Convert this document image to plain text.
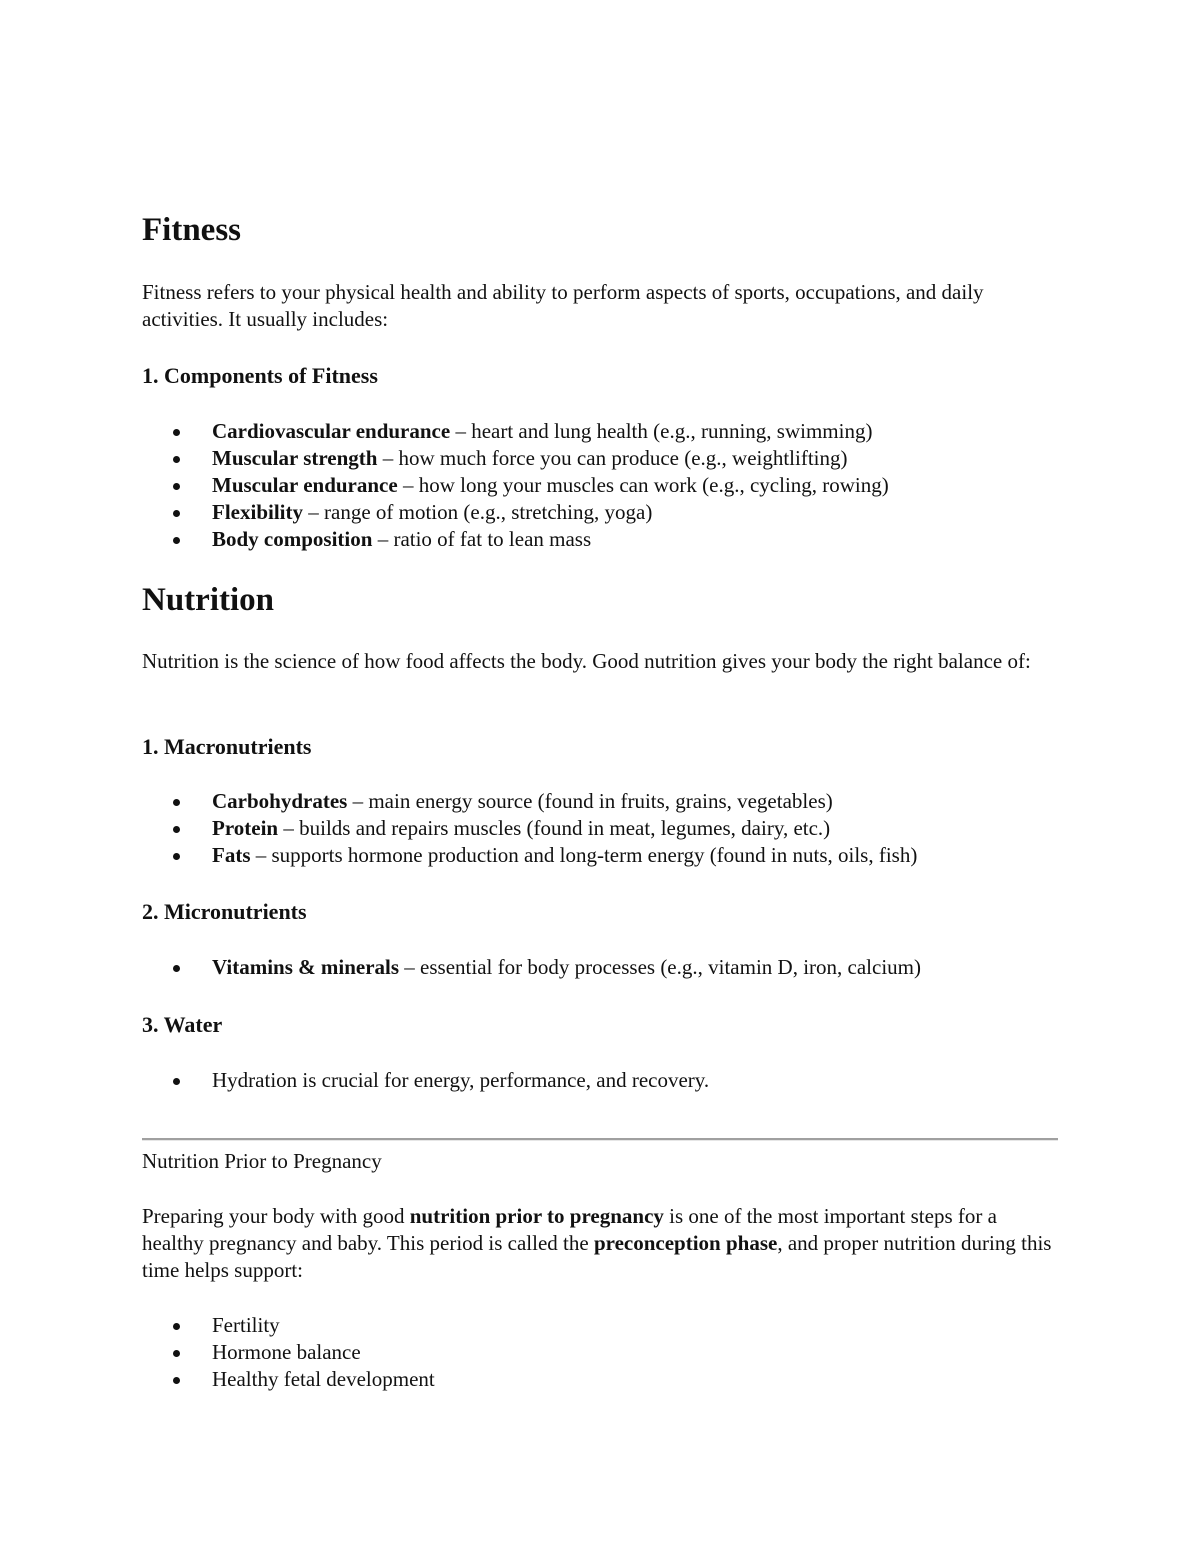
Fitness

Fitness refers to your physical health and ability to perform aspects of sports, occupations, and daily activities. It usually includes:

1. Components of Fitness
Cardiovascular endurance – heart and lung health (e.g., running, swimming)
Muscular strength – how much force you can produce (e.g., weightlifting)
Muscular endurance – how long your muscles can work (e.g., cycling, rowing)
Flexibility – range of motion (e.g., stretching, yoga)
Body composition – ratio of fat to lean mass
Nutrition

Nutrition is the science of how food affects the body. Good nutrition gives your body the right balance of:

1. Macronutrients
Carbohydrates – main energy source (found in fruits, grains, vegetables)
Protein – builds and repairs muscles (found in meat, legumes, dairy, etc.)
Fats – supports hormone production and long-term energy (found in nuts, oils, fish)
2. Micronutrients
Vitamins & minerals – essential for body processes (e.g., vitamin D, iron, calcium)
3. Water
Hydration is crucial for energy, performance, and recovery.

Nutrition Prior to Pregnancy

Preparing your body with good nutrition prior to pregnancy is one of the most important steps for a healthy pregnancy and baby. This period is called the preconception phase, and proper nutrition during this time helps support:

Fertility
Hormone balance
Healthy fetal development
